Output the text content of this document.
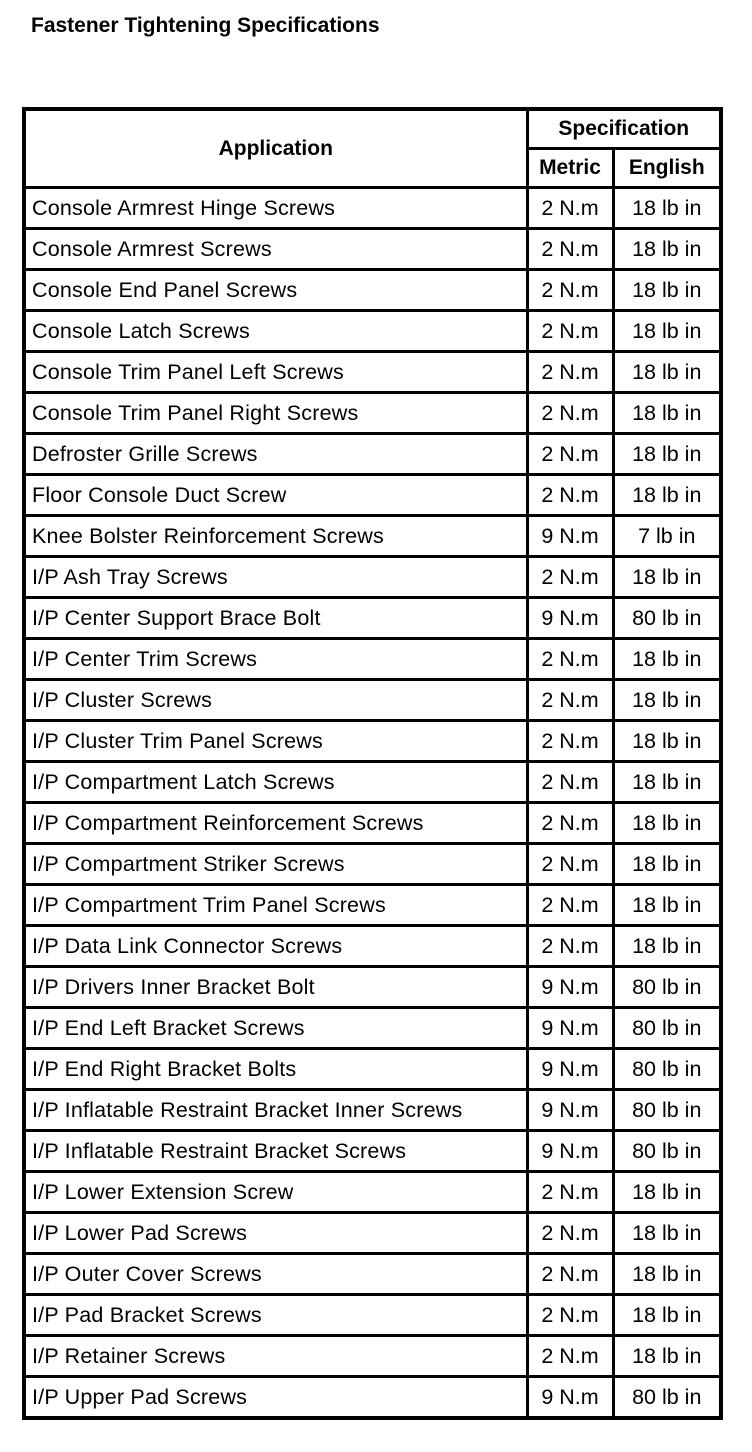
Fastener Tightening Specifications
Application	Specification	
	Metric	English
Console Armrest Hinge Screws	2 N.m	18 lb in
Console Armrest Screws	2 N.m	18 lb in
Console End Panel Screws	2 N.m	18 lb in
Console Latch Screws	2 N.m	18 lb in
Console Trim Panel Left Screws	2 N.m	18 lb in
Console Trim Panel Right Screws	2 N.m	18 lb in
Defroster Grille Screws	2 N.m	18 lb in
Floor Console Duct Screw	2 N.m	18 lb in
Knee Bolster Reinforcement Screws	9 N.m	7 lb in
I/P Ash Tray Screws	2 N.m	18 lb in
I/P Center Support Brace Bolt	9 N.m	80 lb in
I/P Center Trim Screws	2 N.m	18 lb in
I/P Cluster Screws	2 N.m	18 lb in
I/P Cluster Trim Panel Screws	2 N.m	18 lb in
I/P Compartment Latch Screws	2 N.m	18 lb in
I/P Compartment Reinforcement Screws	2 N.m	18 lb in
I/P Compartment Striker Screws	2 N.m	18 lb in
I/P Compartment Trim Panel Screws	2 N.m	18 lb in
I/P Data Link Connector Screws	2 N.m	18 lb in
I/P Drivers Inner Bracket Bolt	9 N.m	80 lb in
I/P End Left Bracket Screws	9 N.m	80 lb in
I/P End Right Bracket Bolts	9 N.m	80 lb in
I/P Inflatable Restraint Bracket Inner Screws	9 N.m	80 lb in
I/P Inflatable Restraint Bracket Screws	9 N.m	80 lb in
I/P Lower Extension Screw	2 N.m	18 lb in
I/P Lower Pad Screws	2 N.m	18 lb in
I/P Outer Cover Screws	2 N.m	18 lb in
I/P Pad Bracket Screws	2 N.m	18 lb in
I/P Retainer Screws	2 N.m	18 lb in
I/P Upper Pad Screws	9 N.m	80 lb in
